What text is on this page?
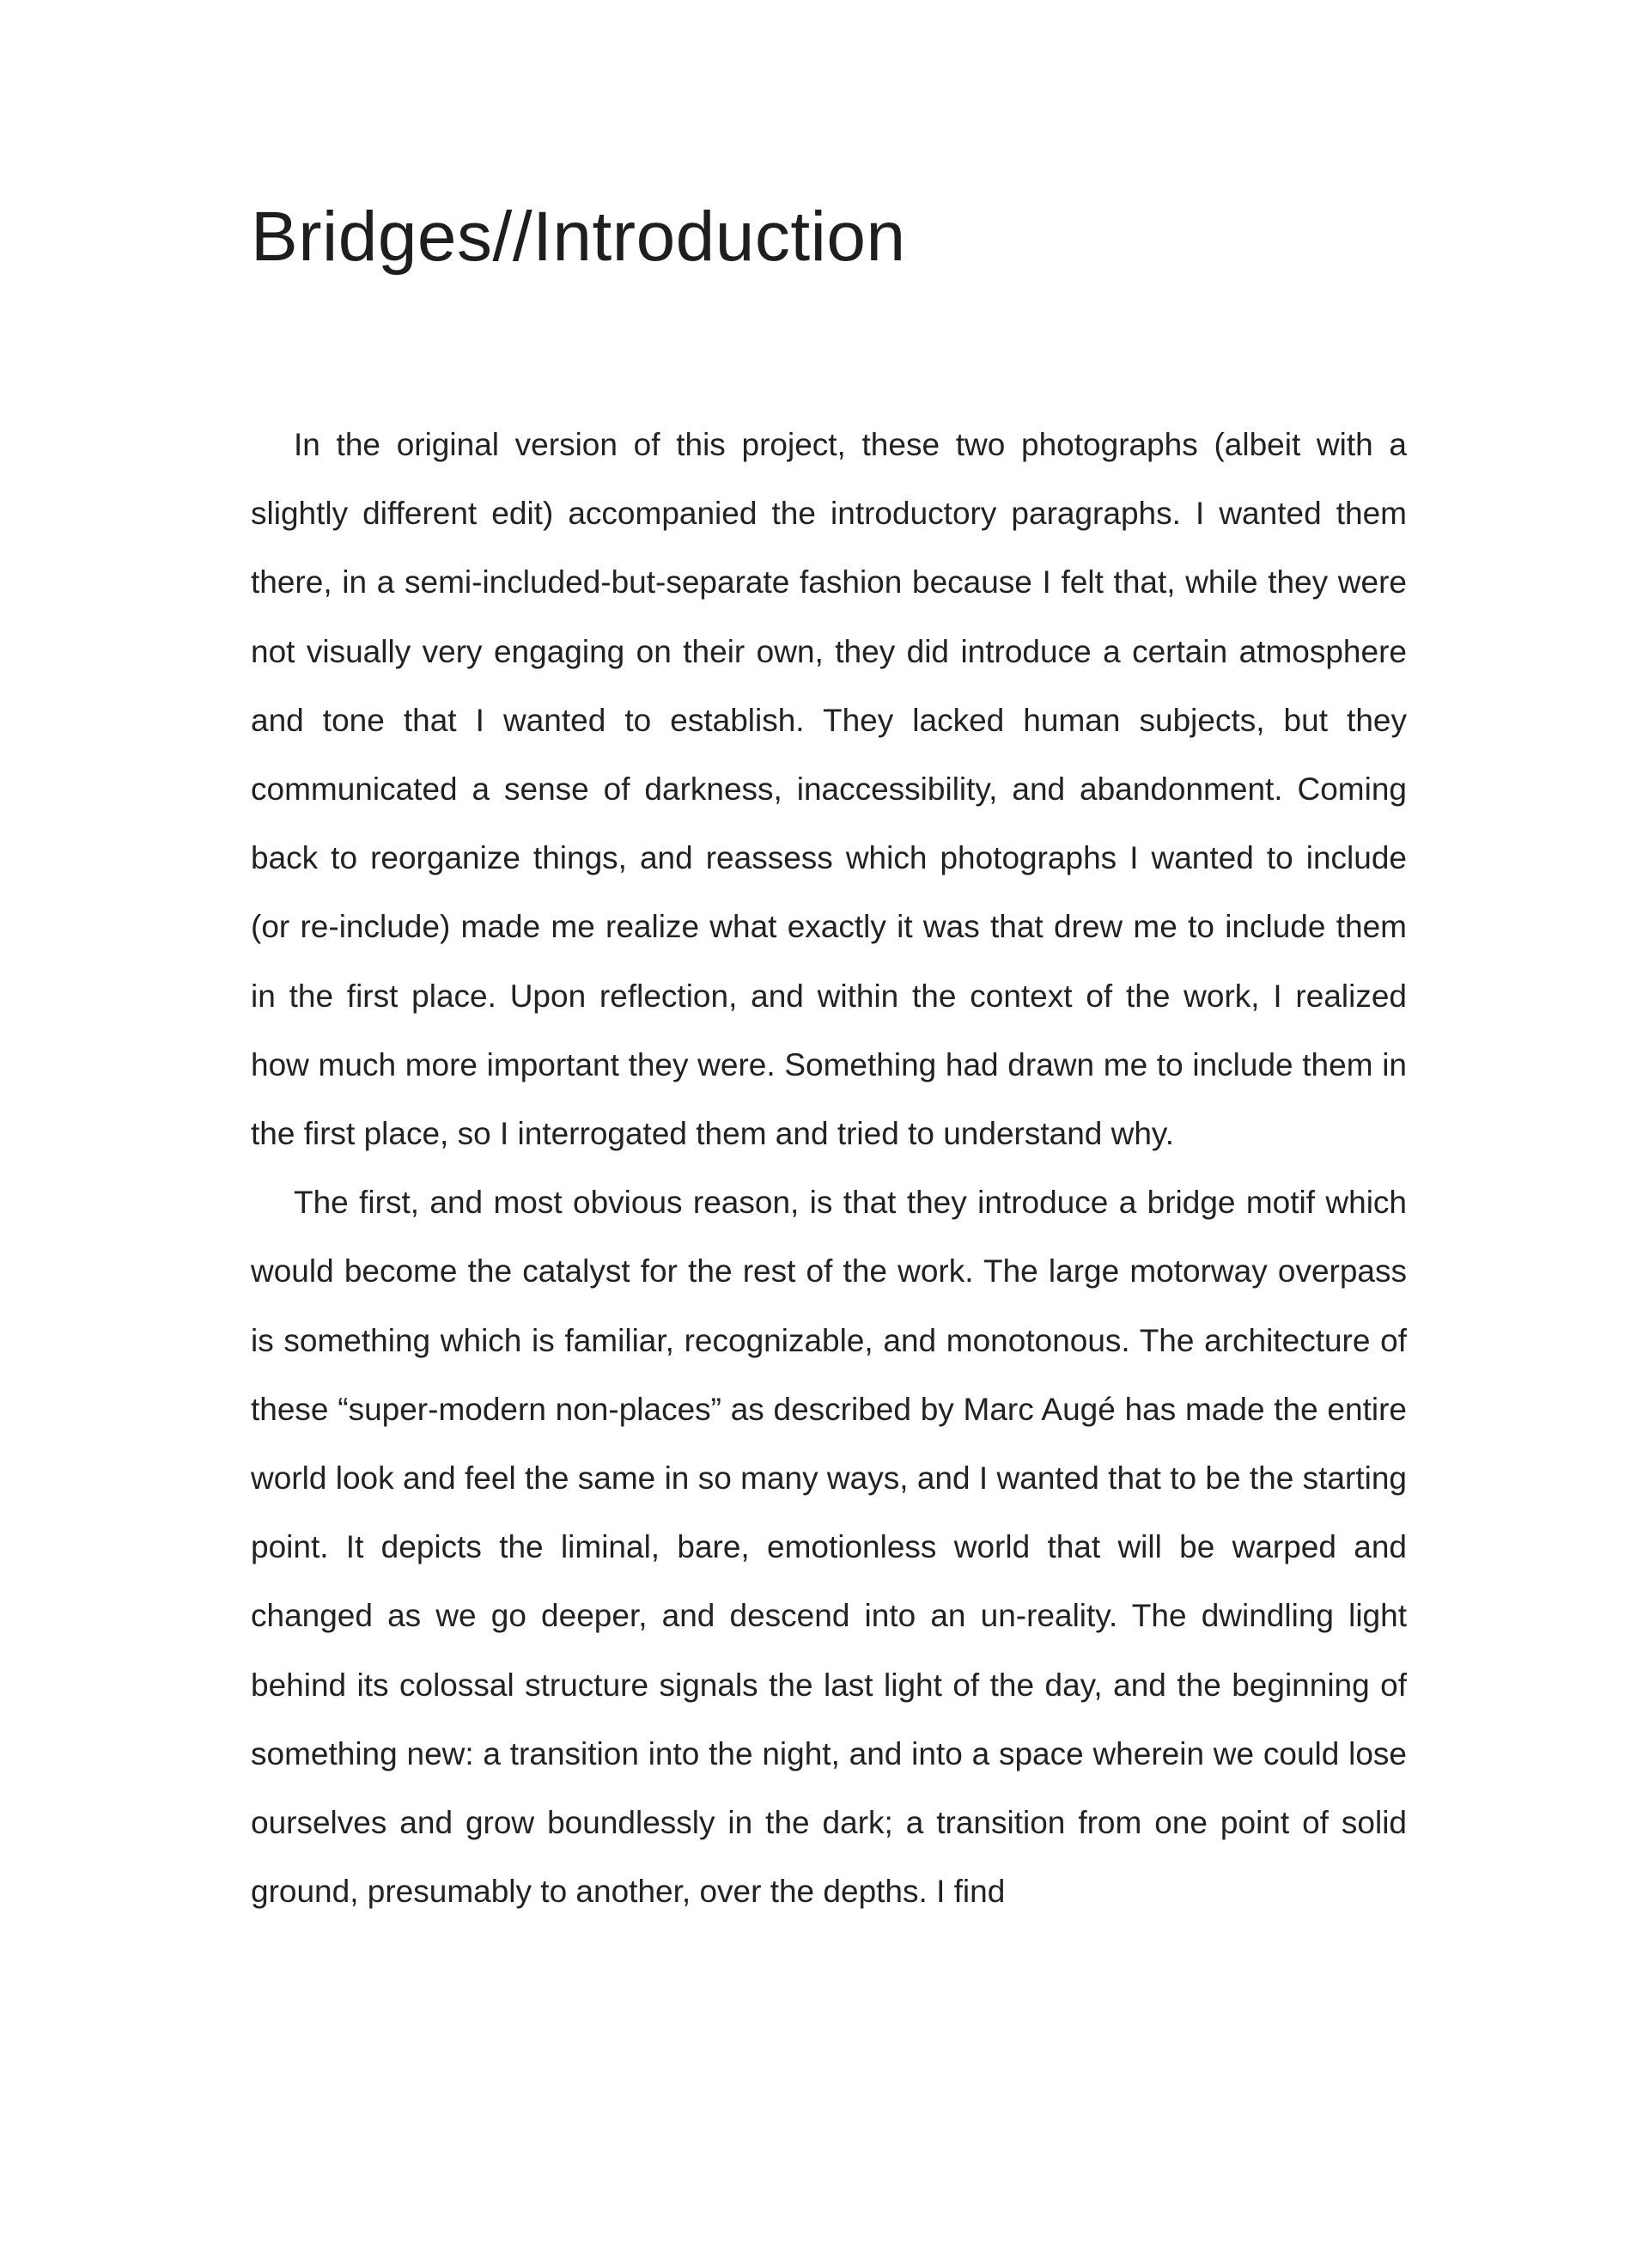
Bridges//Introduction

In the original version of this project, these two photographs (albeit with a slightly different edit) accompanied the introductory paragraphs. I wanted them there, in a semi-included-but-separate fashion because I felt that, while they were not visually very engaging on their own, they did introduce a certain atmosphere and tone that I wanted to establish. They lacked human subjects, but they communicated a sense of darkness, inaccessibility, and abandonment. Coming back to reorganize things, and reassess which photographs I wanted to include (or re-include) made me realize what exactly it was that drew me to include them in the first place. Upon reflection, and within the context of the work, I realized how much more important they were. Something had drawn me to include them in the first place, so I interrogated them and tried to understand why.

The first, and most obvious reason, is that they introduce a bridge motif which would become the catalyst for the rest of the work. The large motorway overpass is something which is familiar, recognizable, and monotonous. The architecture of these “super-modern non-places” as described by Marc Augé has made the entire world look and feel the same in so many ways, and I wanted that to be the starting point. It depicts the liminal, bare, emotionless world that will be warped and changed as we go deeper, and descend into an un-reality. The dwindling light behind its colossal structure signals the last light of the day, and the beginning of something new: a transition into the night, and into a space wherein we could lose ourselves and grow boundlessly in the dark; a transition from one point of solid ground, presumably to another, over the depths. I find
